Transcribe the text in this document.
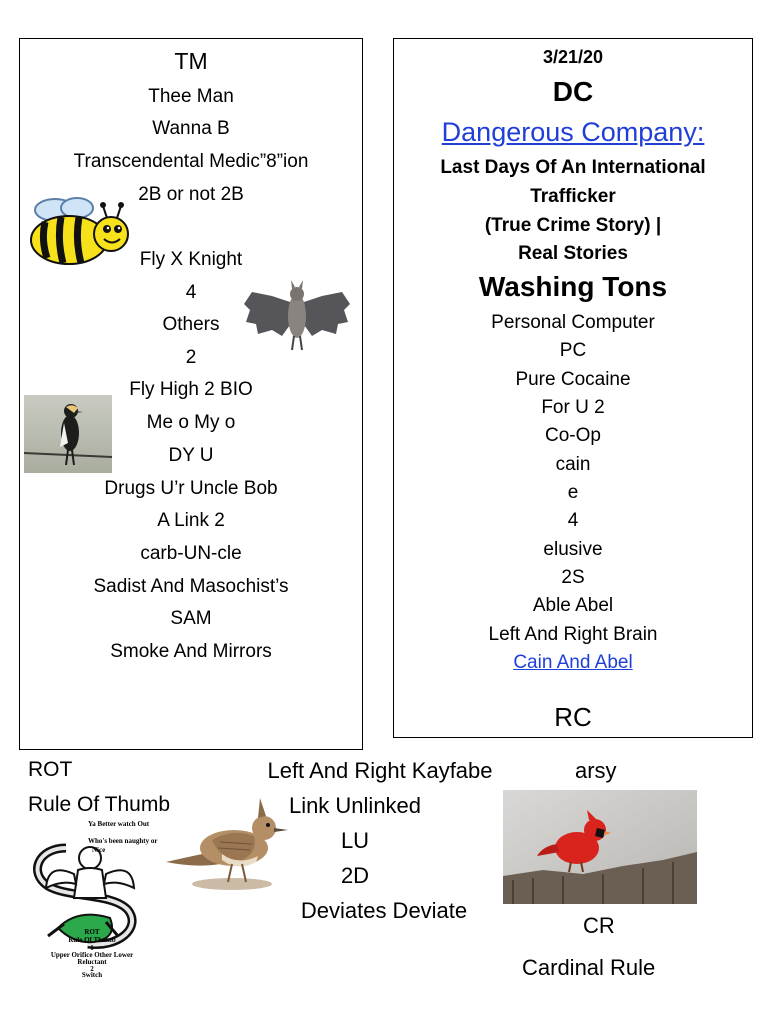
TM
Thee Man
Wanna B
Transcendental Medic”8”ion
2B or not 2B
Fly X Knight
4
Others
2
Fly High 2 BIO
Me o My o
DY U
Drugs U’r Uncle Bob
A Link 2
carb-UN-cle
Sadist And Masochist’s
SAM
Smoke And Mirrors
3/21/20
DC
Dangerous Company:
Last Days Of An International
Trafficker
(True Crime Story) |
Real Stories
Washing Tons
Personal Computer
PC
Pure Cocaine
For U 2
Co-Op
cain
e
4
elusive
2S
Able Abel
Left And Right Brain
Cain And Abel
RC
ROT
Rule Of Thumb
Ya Better watch Out
Who's been naughty or
Nice
ROT
Rule Of Thumb
1
Upper Orifice Other Lower
Reluctant
2
Switch
Left And Right Kayfabe
Link Unlinked
LU
2D
Deviates Deviate
arsy
CR
Cardinal Rule
